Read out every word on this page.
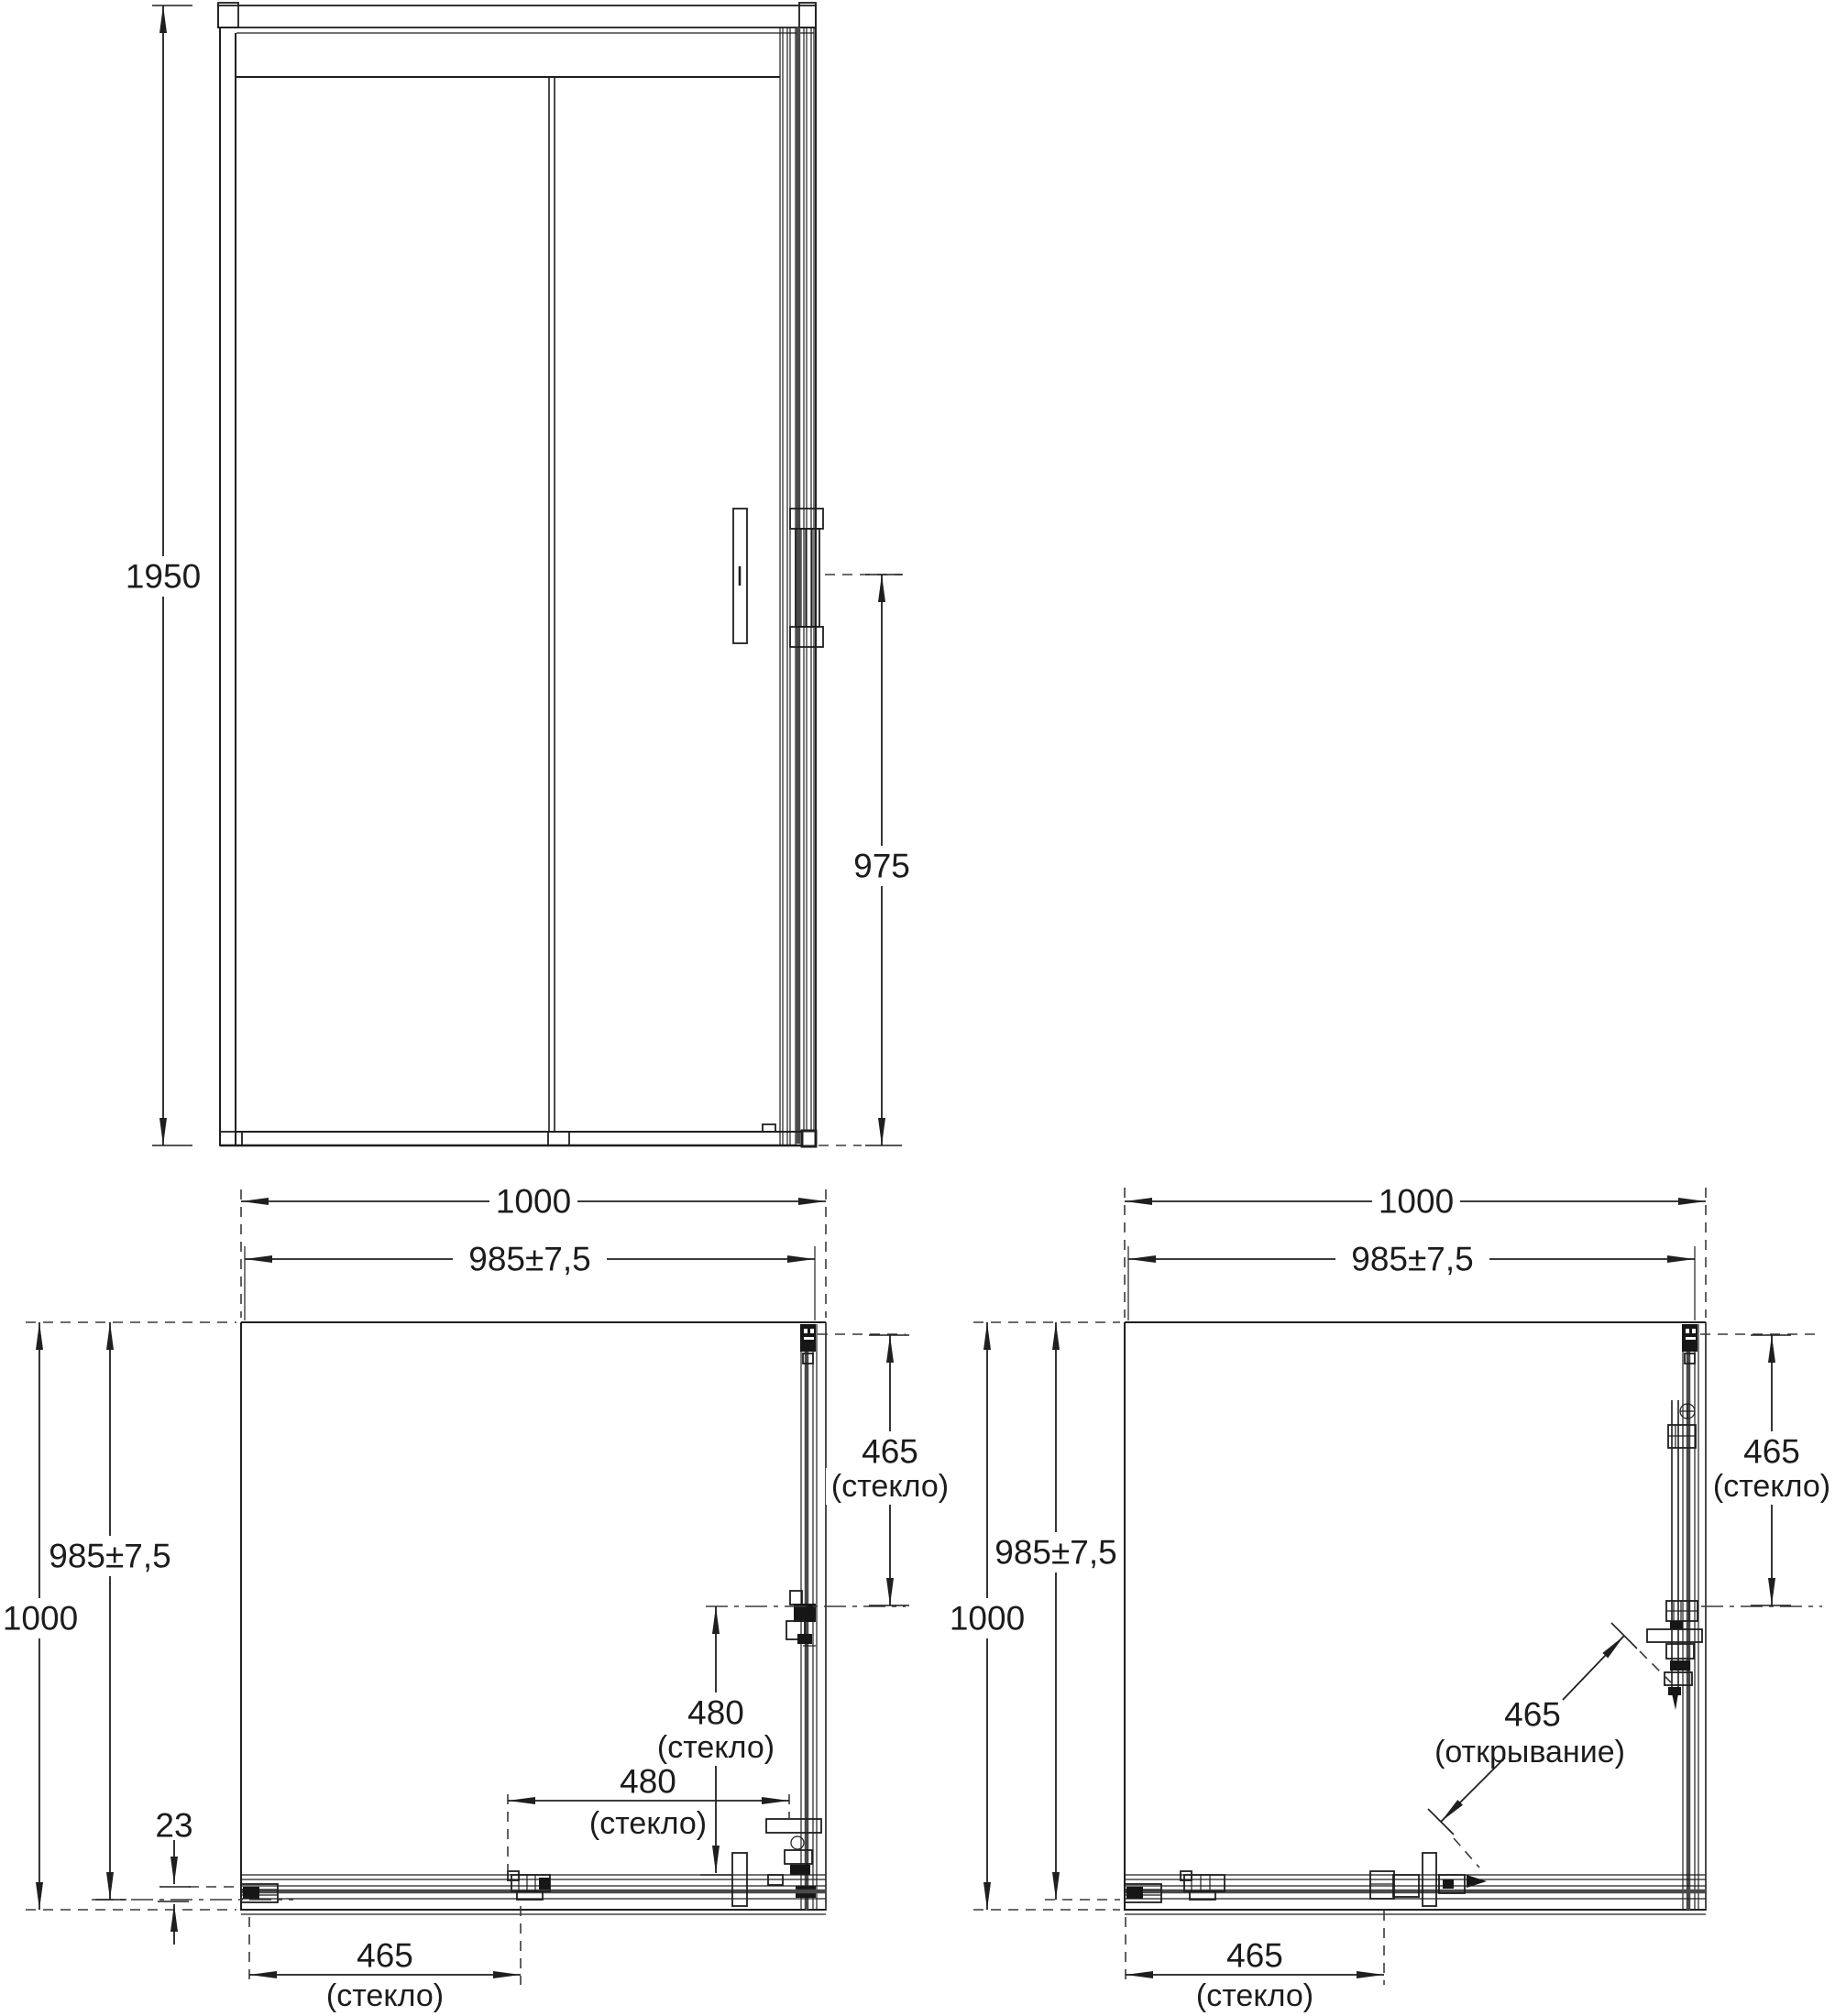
1950
975
1000
985±7,5
985±7,5
1000
23
465
(стекло)
480
(стекло)
480
(стекло)
465
(стекло)
1000
985±7,5
985±7,5
1000
465
(стекло)
465
(открывание)
465
(стекло)
